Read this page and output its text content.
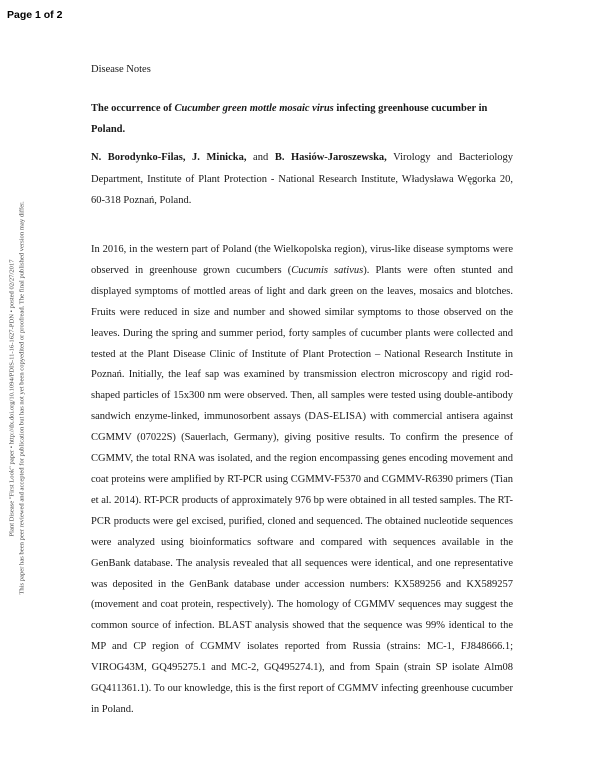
Page 1 of 2
Plant Disease "First Look" paper • http://dx.doi.org/10.1094/PDIS-11-16-1627-PDN • posted 02/27/2017 This paper has been peer reviewed and accepted for publication but has not yet been copyedited or proofread. The final published version may differ.
Disease Notes
The occurrence of Cucumber green mottle mosaic virus infecting greenhouse cucumber in Poland.
N. Borodynko-Filas, J. Minicka, and B. Hasiów-Jaroszewska, Virology and Bacteriology Department, Institute of Plant Protection - National Research Institute, Władysława Węgorka 20, 60-318 Poznań, Poland.
In 2016, in the western part of Poland (the Wielkopolska region), virus-like disease symptoms were observed in greenhouse grown cucumbers (Cucumis sativus). Plants were often stunted and displayed symptoms of mottled areas of light and dark green on the leaves, mosaics and blotches. Fruits were reduced in size and number and showed similar symptoms to those observed on the leaves. During the spring and summer period, forty samples of cucumber plants were collected and tested at the Plant Disease Clinic of Institute of Plant Protection – National Research Institute in Poznań. Initially, the leaf sap was examined by transmission electron microscopy and rigid rod-shaped particles of 15x300 nm were observed. Then, all samples were tested using double-antibody sandwich enzyme-linked, immunosorbent assays (DAS-ELISA) with commercial antisera against CGMMV (07022S) (Sauerlach, Germany), giving positive results. To confirm the presence of CGMMV, the total RNA was isolated, and the region encompassing genes encoding movement and coat proteins were amplified by RT-PCR using CGMMV-F5370 and CGMMV-R6390 primers (Tian et al. 2014). RT-PCR products of approximately 976 bp were obtained in all tested samples. The RT-PCR products were gel excised, purified, cloned and sequenced. The obtained nucleotide sequences were analyzed using bioinformatics software and compared with sequences available in the GenBank database. The analysis revealed that all sequences were identical, and one representative was deposited in the GenBank database under accession numbers: KX589256 and KX589257 (movement and coat protein, respectively). The homology of CGMMV sequences may suggest the common source of infection. BLAST analysis showed that the sequence was 99% identical to the MP and CP region of CGMMV isolates reported from Russia (strains: MC-1, FJ848666.1; VIROG43M, GQ495275.1 and MC-2, GQ495274.1), and from Spain (strain SP isolate Alm08 GQ411361.1). To our knowledge, this is the first report of CGMMV infecting greenhouse cucumber in Poland.
